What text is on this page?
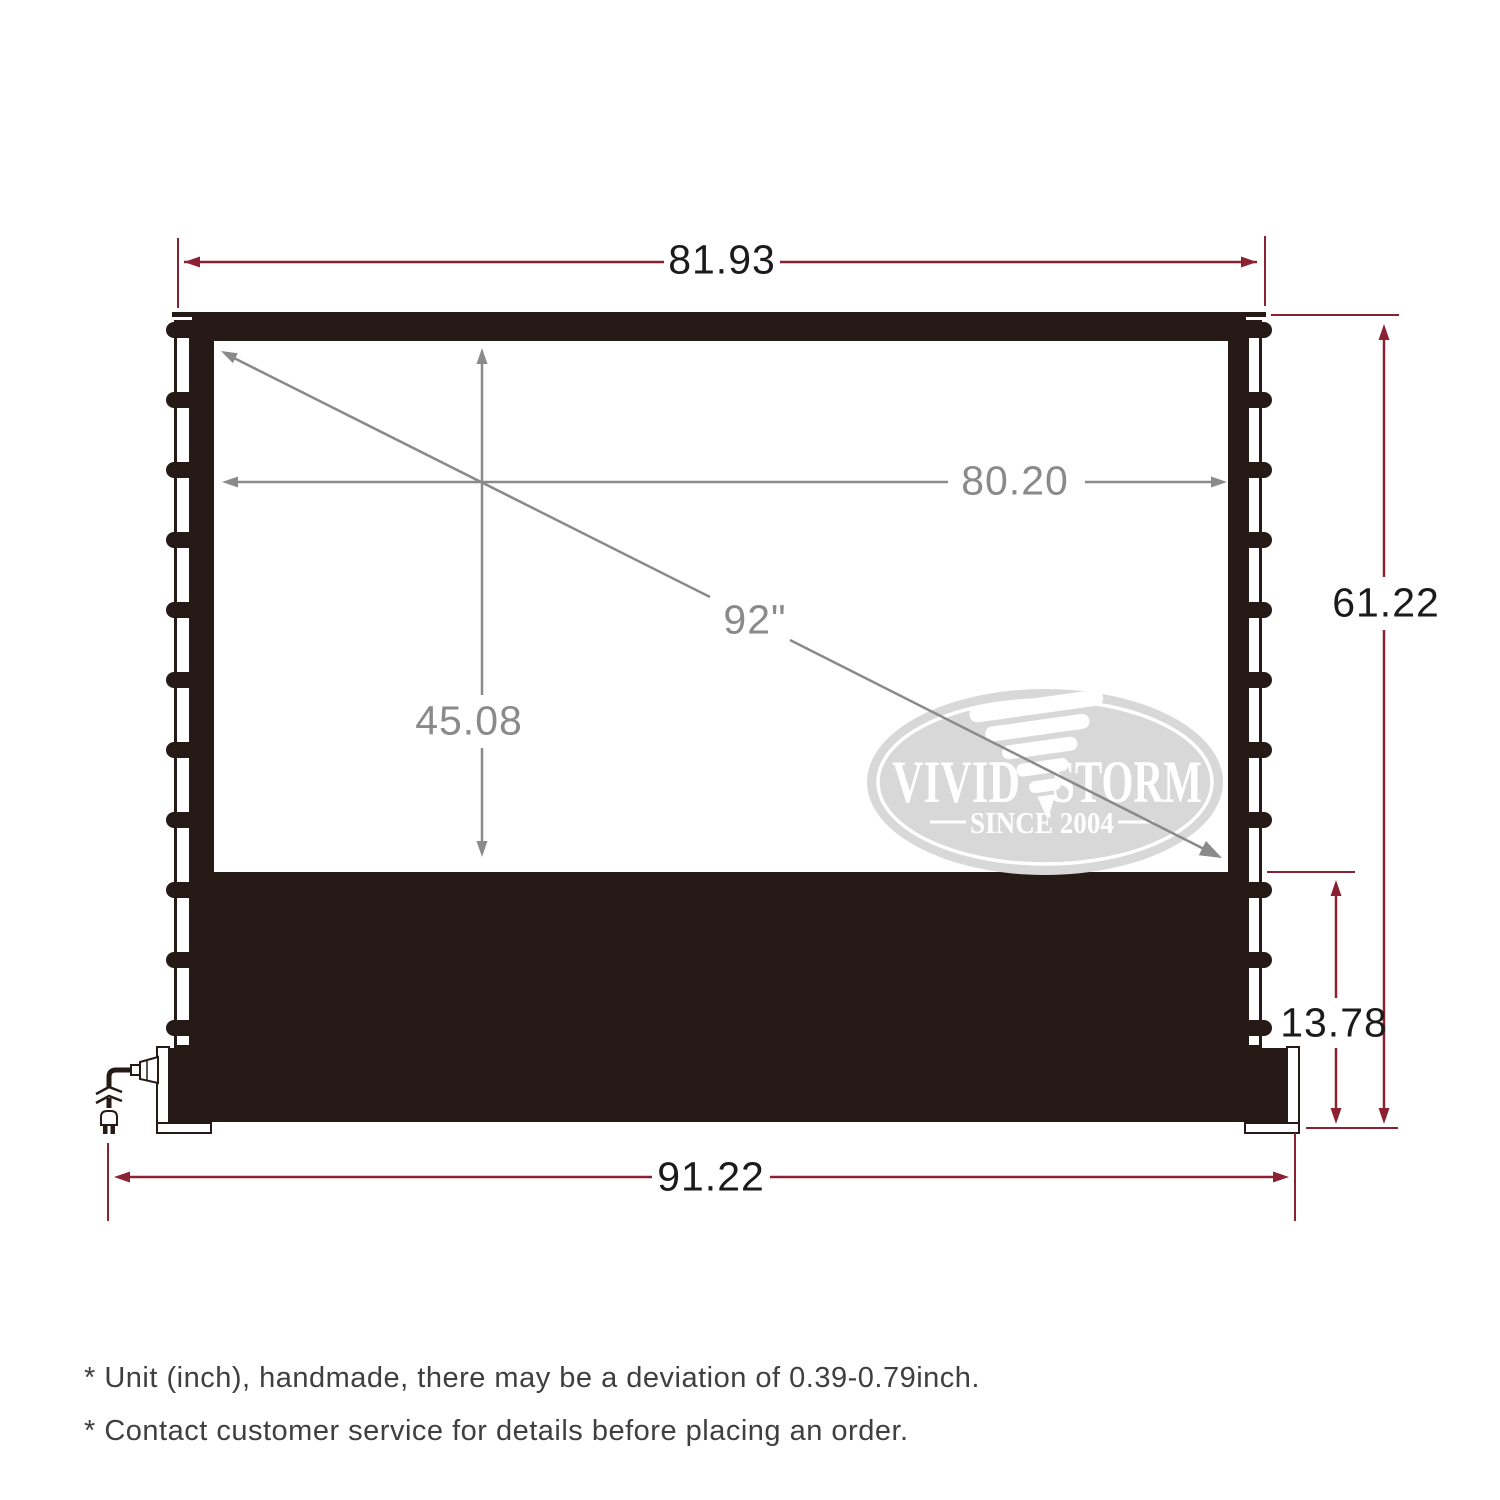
VIVID STORM
SINCE 2004
81.93
80.20
45.08
92"	61.22
13.78
91.22
* Unit (inch), handmade, there may be a deviation of 0.39-0.79inch.
* Contact customer service for details before placing an order.
